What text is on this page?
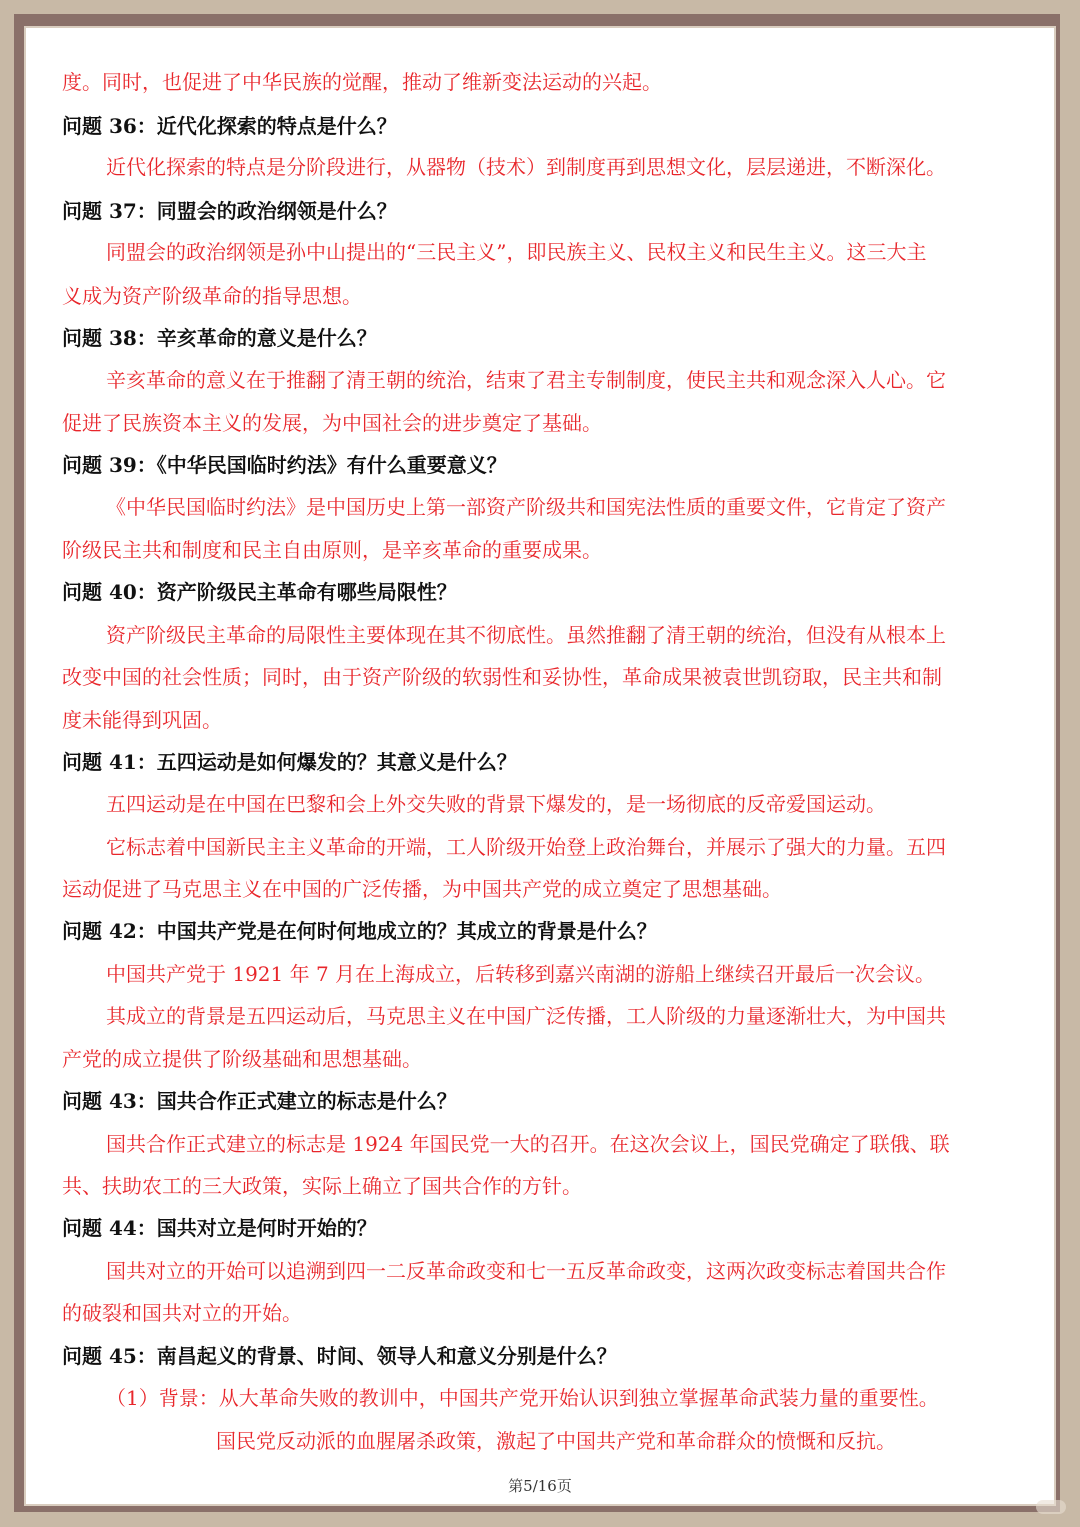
度。同时，也促进了中华民族的觉醒，推动了维新变法运动的兴起。
问题 36：近代化探索的特点是什么？
近代化探索的特点是分阶段进行，从器物（技术）到制度再到思想文化，层层递进，不断深化。
问题 37：同盟会的政治纲领是什么？
同盟会的政治纲领是孙中山提出的“三民主义”，即民族主义、民权主义和民生主义。这三大主
义成为资产阶级革命的指导思想。
问题 38：辛亥革命的意义是什么？
辛亥革命的意义在于推翻了清王朝的统治，结束了君主专制制度，使民主共和观念深入人心。它
促进了民族资本主义的发展，为中国社会的进步奠定了基础。
问题 39：《中华民国临时约法》有什么重要意义？
《中华民国临时约法》是中国历史上第一部资产阶级共和国宪法性质的重要文件，它肯定了资产
阶级民主共和制度和民主自由原则，是辛亥革命的重要成果。
问题 40：资产阶级民主革命有哪些局限性？
资产阶级民主革命的局限性主要体现在其不彻底性。虽然推翻了清王朝的统治，但没有从根本上
改变中国的社会性质；同时，由于资产阶级的软弱性和妥协性，革命成果被袁世凯窃取，民主共和制
度未能得到巩固。
问题 41：五四运动是如何爆发的？其意义是什么？
五四运动是在中国在巴黎和会上外交失败的背景下爆发的，是一场彻底的反帝爱国运动。
它标志着中国新民主主义革命的开端，工人阶级开始登上政治舞台，并展示了强大的力量。五四
运动促进了马克思主义在中国的广泛传播，为中国共产党的成立奠定了思想基础。
问题 42：中国共产党是在何时何地成立的？其成立的背景是什么？
中国共产党于 1921 年 7 月在上海成立，后转移到嘉兴南湖的游船上继续召开最后一次会议。
其成立的背景是五四运动后，马克思主义在中国广泛传播，工人阶级的力量逐渐壮大，为中国共
产党的成立提供了阶级基础和思想基础。
问题 43：国共合作正式建立的标志是什么？
国共合作正式建立的标志是 1924 年国民党一大的召开。在这次会议上，国民党确定了联俄、联
共、扶助农工的三大政策，实际上确立了国共合作的方针。
问题 44：国共对立是何时开始的？
国共对立的开始可以追溯到四一二反革命政变和七一五反革命政变，这两次政变标志着国共合作
的破裂和国共对立的开始。
问题 45：南昌起义的背景、时间、领导人和意义分别是什么？
（1）背景：从大革命失败的教训中，中国共产党开始认识到独立掌握革命武装力量的重要性。
国民党反动派的血腥屠杀政策，激起了中国共产党和革命群众的愤慨和反抗。
第5/16页
